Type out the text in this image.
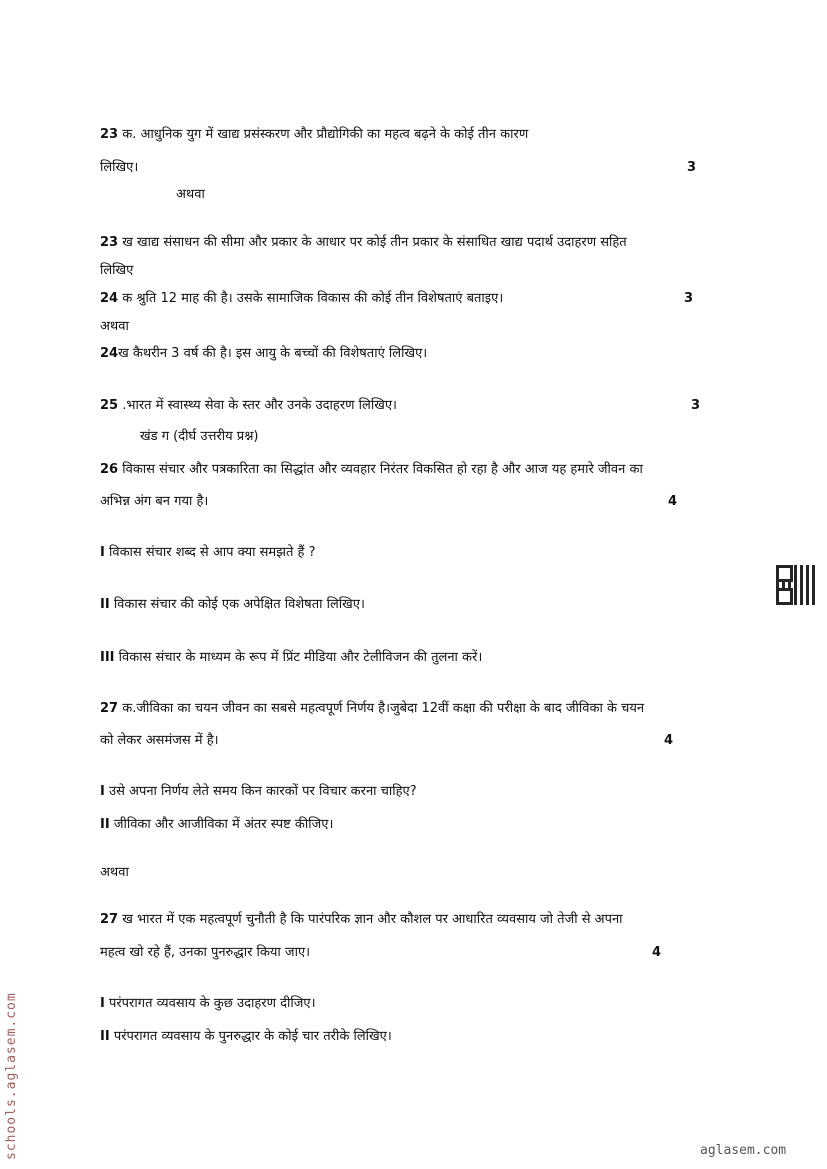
23 क. आधुनिक युग में खाद्य प्रसंस्करण और प्रौद्योगिकी का महत्व बढ़ने के कोई तीन कारण
लिखिए।	3
अथवा
23 ख खाद्य संसाधन की सीमा और प्रकार के आधार पर कोई तीन प्रकार के संसाधित खाद्य पदार्थ उदाहरण सहित
लिखिए
24 क श्रुति 12 माह की है। उसके सामाजिक विकास की कोई तीन विशेषताएं बताइए।	3
अथवा
24ख कैथरीन 3 वर्ष की है। इस आयु के बच्चों की विशेषताएं लिखिए।
25 .भारत में स्वास्थ्य सेवा के स्तर और उनके उदाहरण लिखिए।	3
खंड ग (दीर्घ उत्तरीय प्रश्न)
26 विकास संचार और पत्रकारिता का सिद्धांत और व्यवहार निरंतर विकसित हो रहा है और आज यह हमारे जीवन का
अभिन्न अंग बन गया है।	4
I विकास संचार शब्द से आप क्या समझते हैं ?
II विकास संचार की कोई एक अपेक्षित विशेषता लिखिए।
III विकास संचार के माध्यम के रूप में प्रिंट मीडिया और टेलीविजन की तुलना करें।
27 क.जीविका का चयन जीवन का सबसे महत्वपूर्ण निर्णय है।जुबेदा 12वीं कक्षा की परीक्षा के बाद जीविका के चयन
को लेकर असमंजस में है।	4
I उसे अपना निर्णय लेते समय किन कारकों पर विचार करना चाहिए?
II जीविका और आजीविका में अंतर स्पष्ट कीजिए।
अथवा
27 ख भारत में एक महत्वपूर्ण चुनौती है कि पारंपरिक ज्ञान और कौशल पर आधारित व्यवसाय जो तेजी से अपना
महत्व खो रहे हैं, उनका पुनरुद्धार किया जाए।	4
I परंपरागत व्यवसाय के कुछ उदाहरण दीजिए।
II परंपरागत व्यवसाय के पुनरुद्धार के कोई चार तरीके लिखिए।
schools.aglasem.com	aglasem.com
